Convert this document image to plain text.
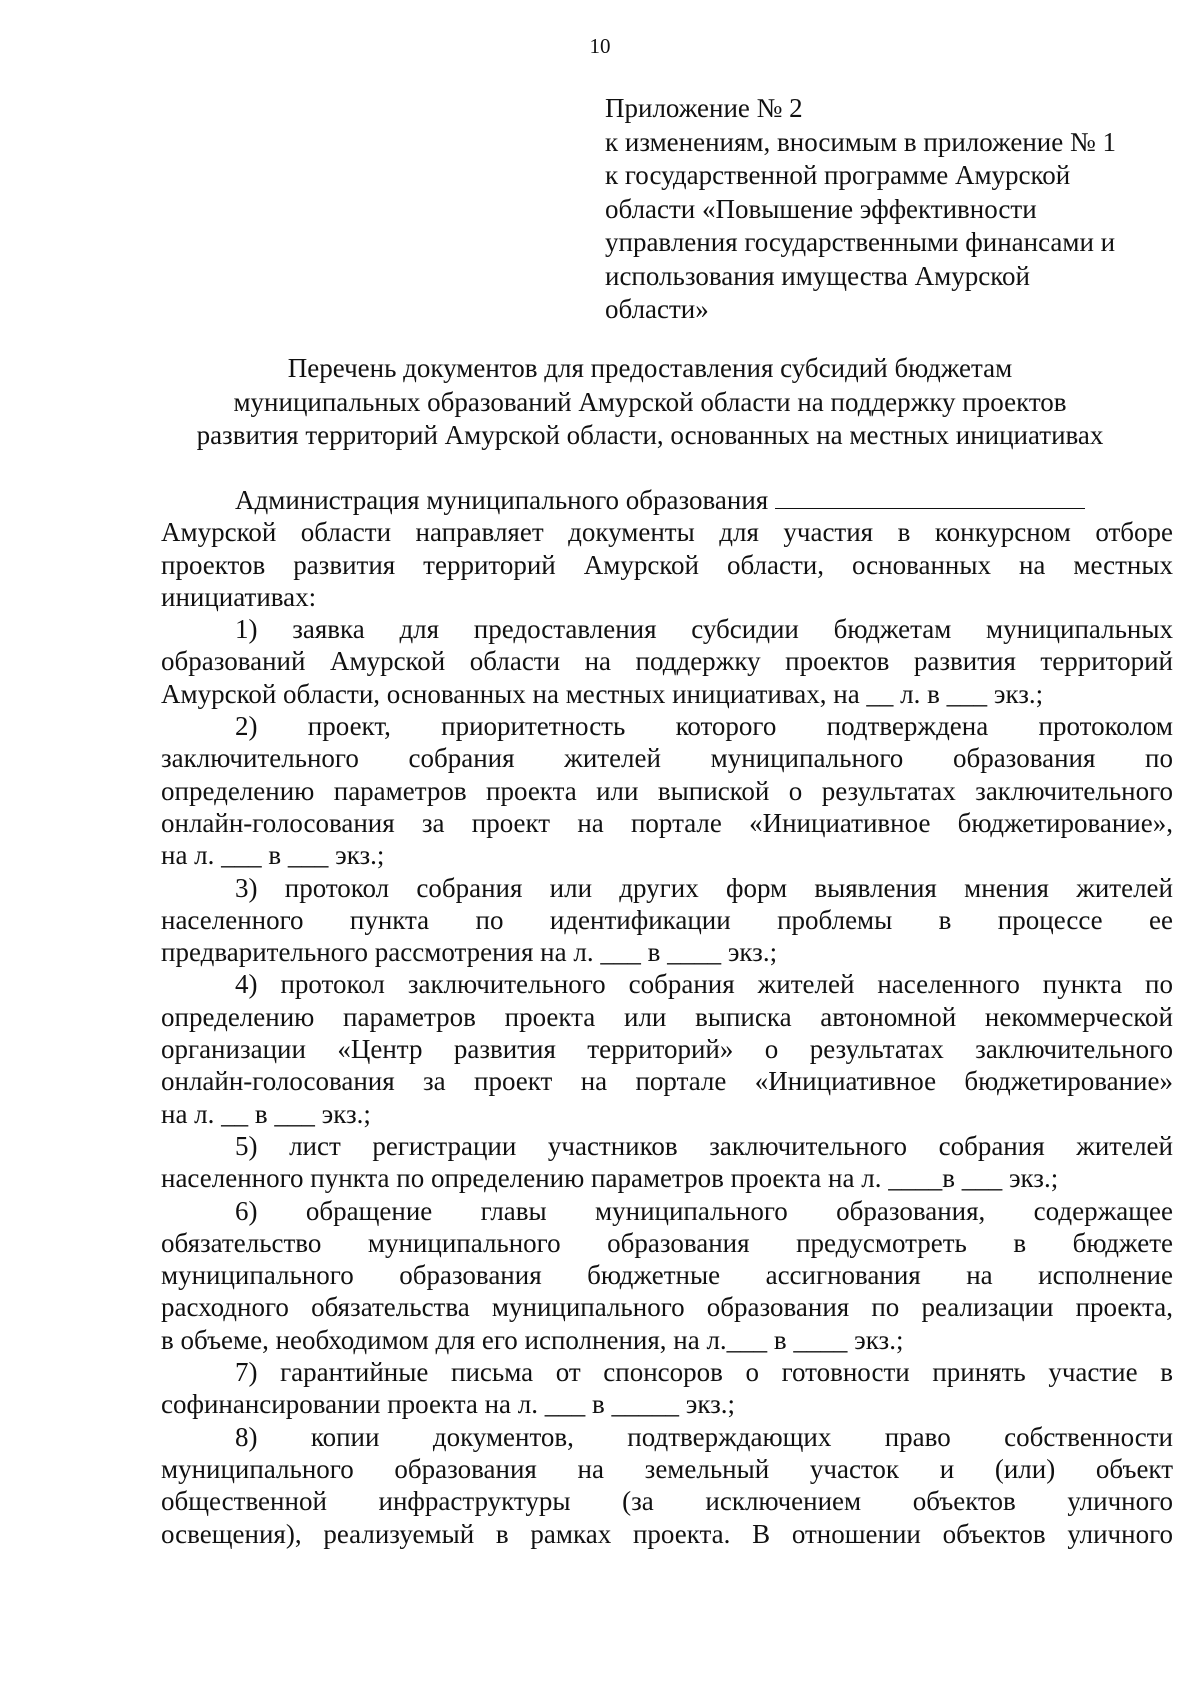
10
Приложение № 2
к изменениям, вносимым в приложение № 1
к государственной программе Амурской
области «Повышение эффективности
управления государственными финансами и
использования имущества Амурской
области»
Перечень документов для предоставления субсидий бюджетам
муниципальных образований Амурской области на поддержку проектов
развития территорий Амурской области, основанных на местных инициативах
Администрация муниципального образования
Амурской области направляет документы для участия в конкурсном отборе
проектов развития территорий Амурской области, основанных на местных
инициативах:
1) заявка для предоставления субсидии бюджетам муниципальных
образований Амурской области на поддержку проектов развития территорий
Амурской области, основанных на местных инициативах, на __ л. в ___ экз.;
2) проект, приоритетность которого подтверждена протоколом
заключительного собрания жителей муниципального образования по
определению параметров проекта или выпиской о результатах заключительного
онлайн-голосования за проект на портале «Инициативное бюджетирование»,
на л. ___ в ___ экз.;
3) протокол собрания или других форм выявления мнения жителей
населенного пункта по идентификации проблемы в процессе ее
предварительного рассмотрения на л. ___ в ____ экз.;
4) протокол заключительного собрания жителей населенного пункта по
определению параметров проекта или выписка автономной некоммерческой
организации «Центр развития территорий» о результатах заключительного
онлайн-голосования за проект на портале «Инициативное бюджетирование»
на л. __ в ___ экз.;
5) лист регистрации участников заключительного собрания жителей
населенного пункта по определению параметров проекта на л. ____в ___ экз.;
6) обращение главы муниципального образования, содержащее
обязательство муниципального образования предусмотреть в бюджете
муниципального образования бюджетные ассигнования на исполнение
расходного обязательства муниципального образования по реализации проекта,
в объеме, необходимом для его исполнения, на л.___ в ____ экз.;
7) гарантийные письма от спонсоров о готовности принять участие в
софинансировании проекта на л. ___ в _____ экз.;
8) копии документов, подтверждающих право собственности
муниципального образования на земельный участок и (или) объект
общественной инфраструктуры (за исключением объектов уличного
освещения), реализуемый в рамках проекта. В отношении объектов уличного
